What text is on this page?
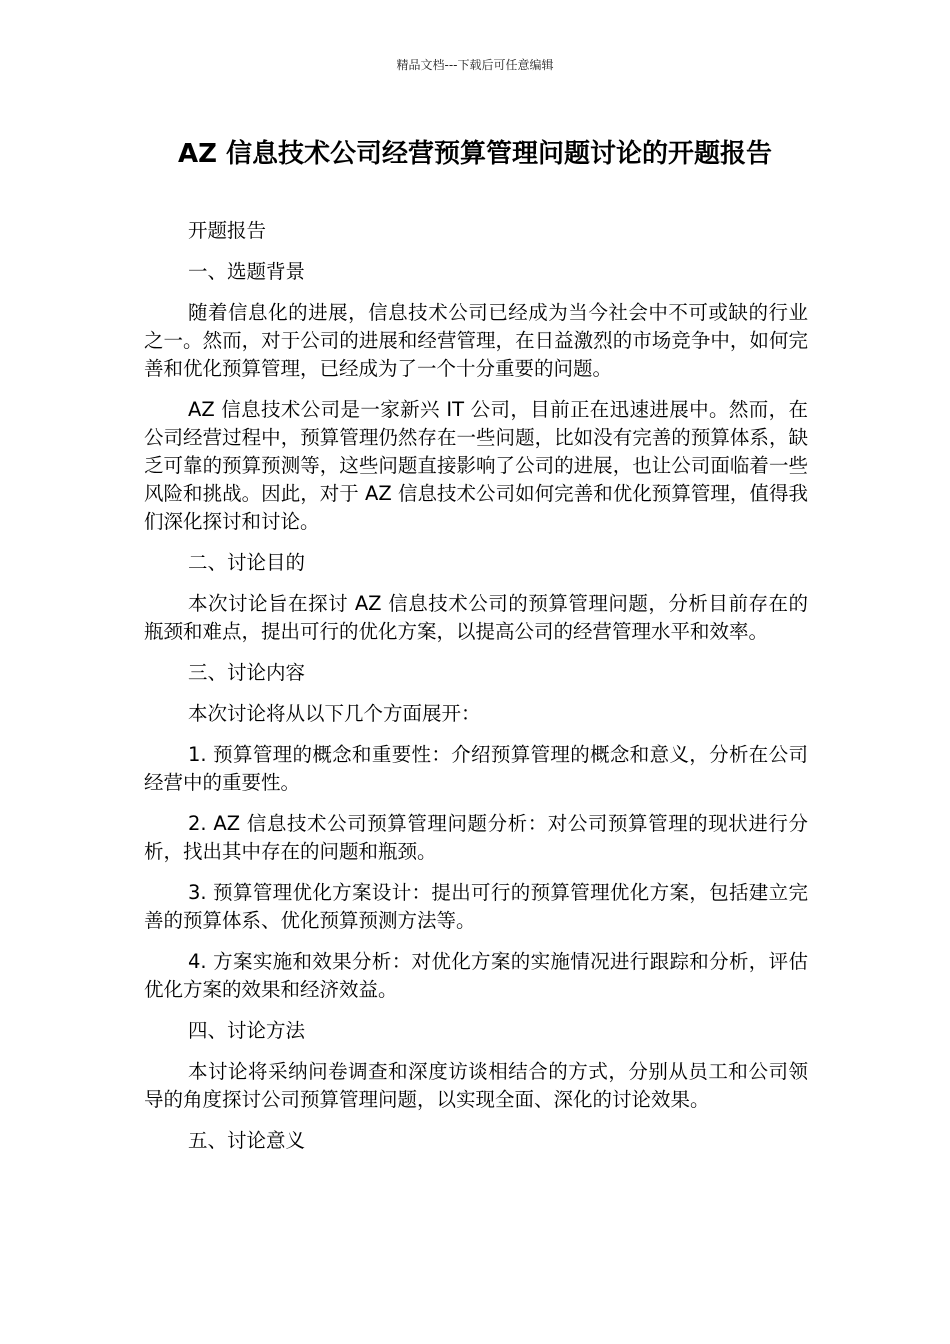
精品文档---下载后可任意编辑
AZ 信息技术公司经营预算管理问题讨论的开题报告

开题报告

一、选题背景

随着信息化的进展，信息技术公司已经成为当今社会中不可或缺的行业之一。然而，对于公司的进展和经营管理，在日益激烈的市场竞争中，如何完善和优化预算管理，已经成为了一个十分重要的问题。

AZ 信息技术公司是一家新兴 IT 公司，目前正在迅速进展中。然而，在公司经营过程中，预算管理仍然存在一些问题，比如没有完善的预算体系，缺乏可靠的预算预测等，这些问题直接影响了公司的进展，也让公司面临着一些风险和挑战。因此，对于 AZ 信息技术公司如何完善和优化预算管理，值得我们深化探讨和讨论。

二、讨论目的

本次讨论旨在探讨 AZ 信息技术公司的预算管理问题，分析目前存在的瓶颈和难点，提出可行的优化方案，以提高公司的经营管理水平和效率。

三、讨论内容

本次讨论将从以下几个方面展开：

1. 预算管理的概念和重要性：介绍预算管理的概念和意义，分析在公司经营中的重要性。

2. AZ 信息技术公司预算管理问题分析：对公司预算管理的现状进行分析，找出其中存在的问题和瓶颈。

3. 预算管理优化方案设计：提出可行的预算管理优化方案，包括建立完善的预算体系、优化预算预测方法等。

4. 方案实施和效果分析：对优化方案的实施情况进行跟踪和分析，评估优化方案的效果和经济效益。

四、讨论方法

本讨论将采纳问卷调查和深度访谈相结合的方式，分别从员工和公司领导的角度探讨公司预算管理问题，以实现全面、深化的讨论效果。

五、讨论意义
